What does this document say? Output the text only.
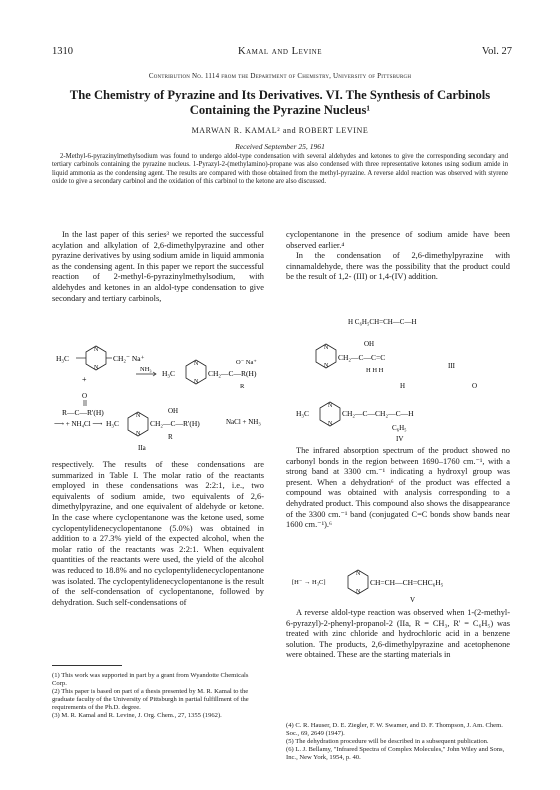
1310	Kamal and Levine	Vol. 27
Contribution No. 1114 from the Department of Chemistry, University of Pittsburgh
The Chemistry of Pyrazine and Its Derivatives. VI. The Synthesis of Carbinols
Containing the Pyrazine Nucleus¹
MARWAN R. KAMAL² and ROBERT LEVINE
Received September 25, 1961
2-Methyl-6-pyrazinylmethylsodium was found to undergo aldol-type condensation with several aldehydes and ketones to give the corresponding secondary and tertiary carbinols containing the pyrazine nucleus. 1-Pyrazyl-2-(methylamino)-propane was also condensed with three representative ketones using sodium amide in liquid ammonia as the condensing agent. The results are compared with those obtained from the methyl-pyrazine. A reverse aldol reaction was observed with styrene oxide to give a secondary carbinol and the oxidation of this carbinol to the ketone are also discussed.

In the last paper of this series³ we reported the successful acylation and alkylation of 2,6-dimethylpyrazine and other pyrazine derivatives by using sodium amide in liquid ammonia as the condensing agent. In this paper we report the successful reaction of 2-methyl-6-pyrazinylmethylsodium, with aldehydes and ketones in an aldol-type condensation to give secondary and tertiary carbinols,

N
N
H₃C	CH₂⁻ Na⁺
+
NH₃
N
N
H₃C	CH₂—C—R(H)
O⁻ Na⁺
R
O
R—C—R'(H)
⟶ + NH₄Cl ⟶ H₃C
N
N
OH
CH₂—C—R'(H)	NaCl + NH₃
R
IIa

respectively. The results of these condensations are summarized in Table I. The molar ratio of the reactants employed in these condensations was 2:2:1, i.e., two equivalents of sodium amide, two equivalents of 2,6-dimethylpyrazine, and one equivalent of aldehyde or ketone. In the case where cyclopentanone was the ketone used, some cyclopentylidenecyclopentanone (5.0%) was obtained in addition to a 27.3% yield of the expected alcohol, when the molar ratio of the reactants was 2:2:1. When equivalent quantities of the reactants were used, the yield of the alcohol was reduced to 18.8% and no cyclopentylidenecyclopentanone was isolated. The cyclopentylidenecyclopentanone is the result of the self-condensation of cyclopentanone, followed by dehydration. Such self-condensations of

cyclopentanone in the presence of sodium amide have been observed earlier.⁴

In the condensation of 2,6-dimethylpyrazine with cinnamaldehyde, there was the possibility that the product could be the result of 1,2- (III) or 1,4-(IV) addition.

H C₆H₅CH=CH—C—H
OH
N
N
CH₂—C—C=C
H H H
III
H	O
H₃C
N
N
CH₂—C—CH₂—C—H
C₆H₅
IV

The infrared absorption spectrum of the product showed no carbonyl bonds in the region between 1690–1760 cm.⁻¹, with a strong band at 3300 cm.⁻¹ indicating a hydroxyl group was present. When a dehydration⁶ of the product was effected a compound was obtained with analysis corresponding to a dehydrated product. This compound also shows the disappearance of the 3300 cm.⁻¹ band (conjugated C=C bonds show bands near 1600 cm.⁻¹).⁶

[H⁻ → H₃C]
N
N
CH=CH—CH=CHC₆H₅
V

A reverse aldol-type reaction was observed when 1-(2-methyl-6-pyrazyl)-2-phenyl-propanol-2 (IIa, R = CH₃, R' = C₆H₅) was treated with zinc chloride and hydrochloric acid in a benzene solution. The products, 2,6-dimethylpyrazine and acetophenone were obtained. These are the starting materials in

(1) This work was supported in part by a grant from Wyandotte Chemicals Corp.
(2) This paper is based on part of a thesis presented by M. R. Kamal to the graduate faculty of the University of Pittsburgh in partial fulfillment of the requirements of the Ph.D. degree.
(3) M. R. Kamal and R. Levine, J. Org. Chem., 27, 1355 (1962).
(4) C. R. Hauser, D. E. Ziegler, F. W. Swamer, and D. F. Thompson, J. Am. Chem. Soc., 69, 2649 (1947).
(5) The dehydration procedure will be described in a subsequent publication.
(6) L. J. Bellamy, "Infrared Spectra of Complex Molecules," John Wiley and Sons, Inc., New York, 1954, p. 40.
